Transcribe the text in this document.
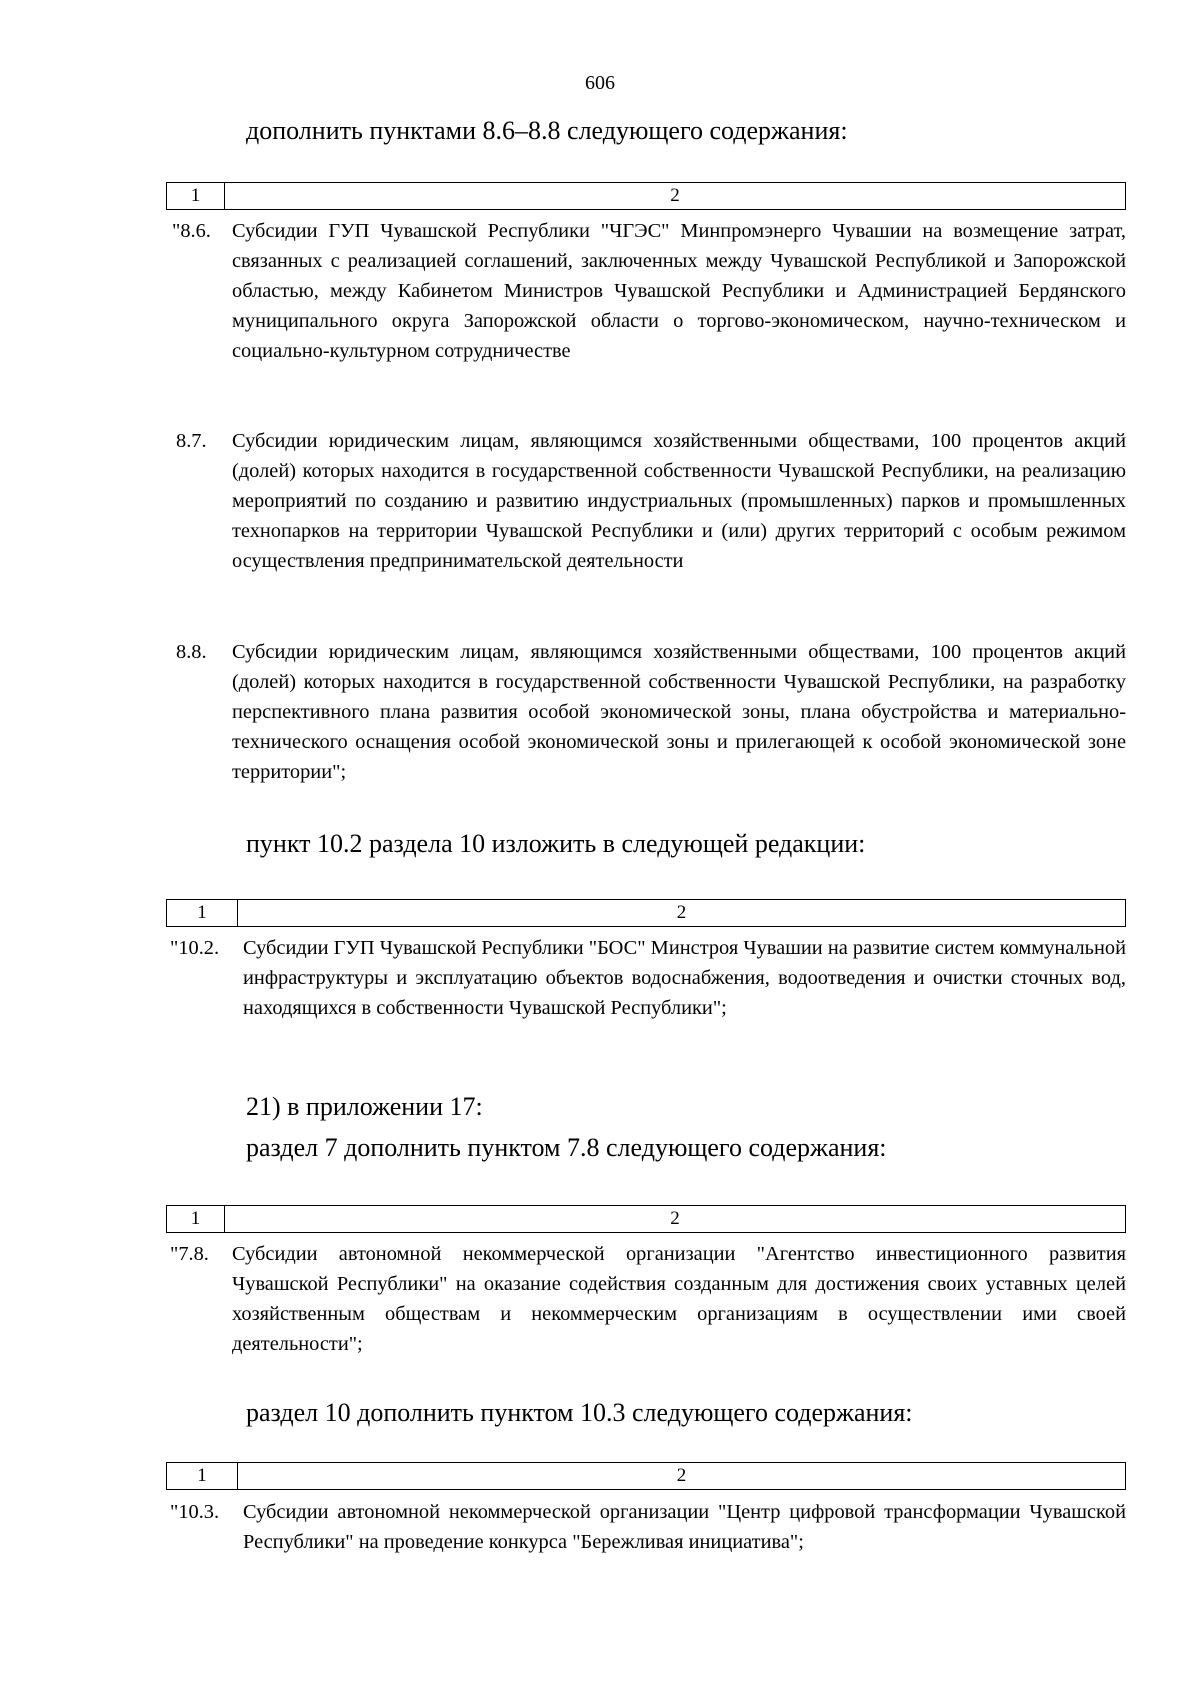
606
дополнить пунктами 8.6–8.8 следующего содержания:
1	2
"8.6. Субсидии ГУП Чувашской Республики "ЧГЭС" Минпромэнерго Чувашии на возмещение затрат, связанных с реализацией соглашений, заключенных между Чувашской Республикой и Запорожской областью, между Кабинетом Министров Чувашской Республики и Администрацией Бердянского муниципального округа Запорожской области о торгово-экономическом, научно-техническом и социально-культурном сотрудничестве
8.7. Субсидии юридическим лицам, являющимся хозяйственными обществами, 100 процентов акций (долей) которых находится в государственной собственности Чувашской Республики, на реализацию мероприятий по созданию и развитию индустриальных (промышленных) парков и промышленных технопарков на территории Чувашской Республики и (или) других территорий с особым режимом осуществления предпринимательской деятельности
8.8. Субсидии юридическим лицам, являющимся хозяйственными обществами, 100 процентов акций (долей) которых находится в государственной собственности Чувашской Республики, на разработку перспективного плана развития особой экономической зоны, плана обустройства и материально-технического оснащения особой экономической зоны и прилегающей к особой экономической зоне территории";
пункт 10.2 раздела 10 изложить в следующей редакции:
1	2
"10.2. Субсидии ГУП Чувашской Республики "БОС" Минстроя Чувашии на развитие систем коммунальной инфраструктуры и эксплуатацию объектов водоснабжения, водоотведения и очистки сточных вод, находящихся в собственности Чувашской Республики";
21) в приложении 17:
раздел 7 дополнить пунктом 7.8 следующего содержания:
1	2
"7.8. Субсидии автономной некоммерческой организации "Агентство инвестиционного развития Чувашской Республики" на оказание содействия созданным для достижения своих уставных целей хозяйственным обществам и некоммерческим организациям в осуществлении ими своей деятельности";
раздел 10 дополнить пунктом 10.3 следующего содержания:
1	2
"10.3. Субсидии автономной некоммерческой организации "Центр цифровой трансформации Чувашской Республики" на проведение конкурса "Бережливая инициатива";
